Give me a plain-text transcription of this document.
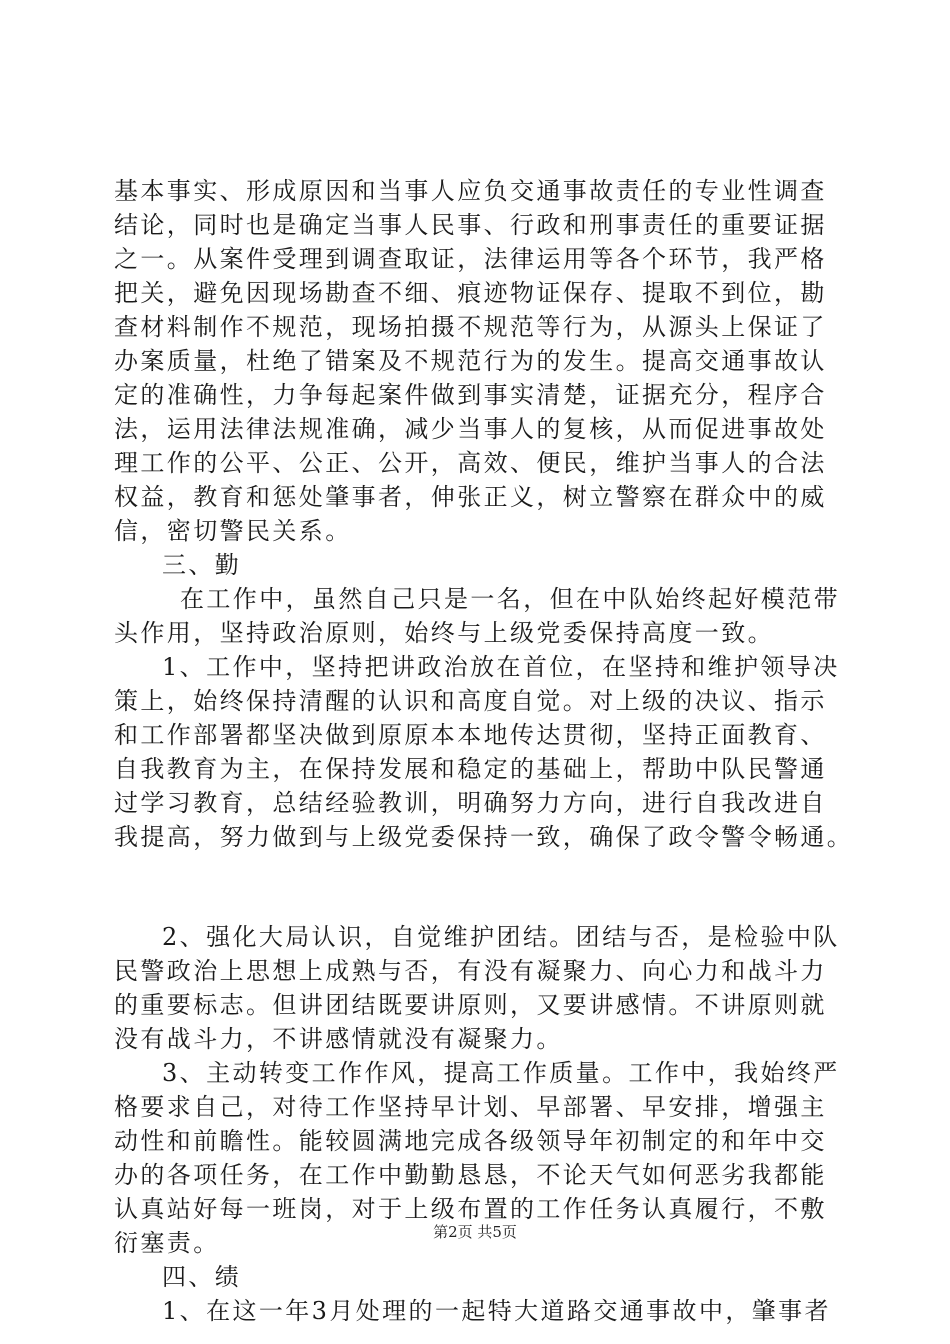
基本事实、形成原因和当事人应负交通事故责任的专业性调查
结论，同时也是确定当事人民事、行政和刑事责任的重要证据
之一。从案件受理到调查取证，法律运用等各个环节，我严格
把关，避免因现场勘查不细、痕迹物证保存、提取不到位，勘
查材料制作不规范，现场拍摄不规范等行为，从源头上保证了
办案质量，杜绝了错案及不规范行为的发生。提高交通事故认
定的准确性，力争每起案件做到事实清楚，证据充分，程序合
法，运用法律法规准确，减少当事人的复核，从而促进事故处
理工作的公平、公正、公开，高效、便民，维护当事人的合法
权益，教育和惩处肇事者，伸张正义，树立警察在群众中的威
信，密切警民关系。
三、勤
在工作中，虽然自己只是一名，但在中队始终起好模范带
头作用，坚持政治原则，始终与上级党委保持高度一致。
1、工作中，坚持把讲政治放在首位，在坚持和维护领导决
策上，始终保持清醒的认识和高度自觉。对上级的决议、指示
和工作部署都坚决做到原原本本地传达贯彻，坚持正面教育、
自我教育为主，在保持发展和稳定的基础上，帮助中队民警通
过学习教育，总结经验教训，明确努力方向，进行自我改进自
我提高，努力做到与上级党委保持一致，确保了政令警令畅通。
2、强化大局认识，自觉维护团结。团结与否，是检验中队
民警政治上思想上成熟与否，有没有凝聚力、向心力和战斗力
的重要标志。但讲团结既要讲原则，又要讲感情。不讲原则就
没有战斗力，不讲感情就没有凝聚力。
3、主动转变工作作风，提高工作质量。工作中，我始终严
格要求自己，对待工作坚持早计划、早部署、早安排，增强主
动性和前瞻性。能较圆满地完成各级领导年初制定的和年中交
办的各项任务，在工作中勤勤恳恳，不论天气如何恶劣我都能
认真站好每一班岗，对于上级布置的工作任务认真履行，不敷
衍塞责。
四、绩
1、在这一年3月处理的一起特大道路交通事故中，肇事者
第2页 共5页
